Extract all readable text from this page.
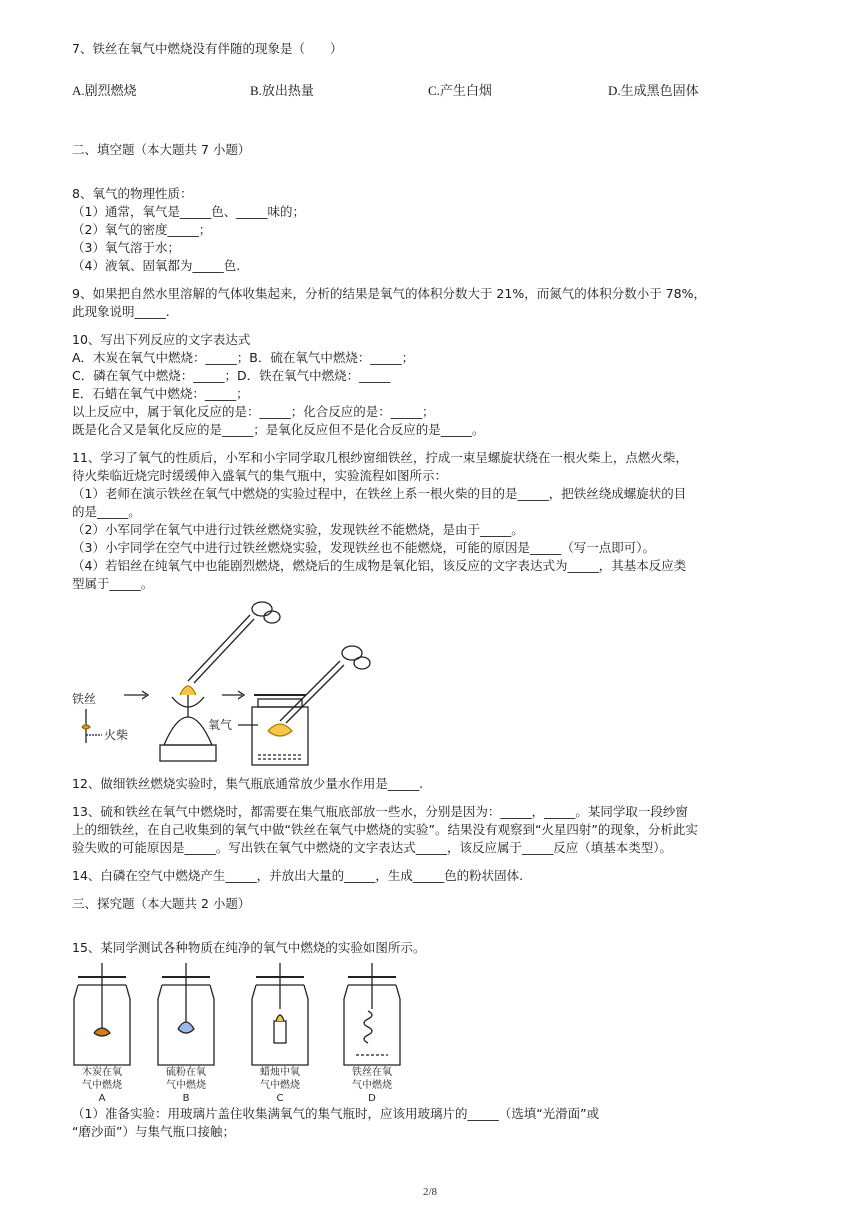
7、铁丝在氧气中燃烧没有伴随的现象是（　　）

A.剧烈燃烧	B.放出热量	C.产生白烟	D.生成黑色固体

二、填空题（本大题共 7 小题）

8、氧气的物理性质：

（1）通常，氧气是_____色、_____味的；

（2）氧气的密度_____；

（3）氧气溶于水；

（4）液氧、固氧都为_____色.

9、如果把自然水里溶解的气体收集起来，分析的结果是氧气的体积分数大于 21%，而氮气的体积分数小于 78%，

此现象说明_____.

10、写出下列反应的文字表达式

A．木炭在氧气中燃烧：_____；B．硫在氧气中燃烧：_____；

C．磷在氧气中燃烧：_____；D．铁在氧气中燃烧：_____

E．石蜡在氧气中燃烧：_____；

以上反应中，属于氧化反应的是：_____；化合反应的是：_____；

既是化合又是氧化反应的是_____；是氧化反应但不是化合反应的是_____。

11、学习了氧气的性质后，小军和小宇同学取几根纱窗细铁丝，拧成一束呈螺旋状绕在一根火柴上，点燃火柴，

待火柴临近烧完时缓缓伸入盛氧气的集气瓶中，实验流程如图所示：

（1）老师在演示铁丝在氧气中燃烧的实验过程中，在铁丝上系一根火柴的目的是_____，把铁丝绕成螺旋状的目

的是_____。

（2）小军同学在氧气中进行过铁丝燃烧实验，发现铁丝不能燃烧，是由于_____。

（3）小宇同学在空气中进行过铁丝燃烧实验，发现铁丝也不能燃烧，可能的原因是_____（写一点即可）。

（4）若铝丝在纯氧气中也能剧烈燃烧，燃烧后的生成物是氧化铝，该反应的文字表达式为_____，其基本反应类

型属于_____。

铁丝
火柴
氧气

12、做细铁丝燃烧实验时，集气瓶底通常放少量水作用是_____.

13、硫和铁丝在氧气中燃烧时，都需要在集气瓶底部放一些水，分别是因为：_____，_____。某同学取一段纱窗

上的细铁丝，在自己收集到的氧气中做“铁丝在氧气中燃烧的实验”。结果没有观察到“火星四射”的现象，分析此实

验失败的可能原因是_____。写出铁在氧气中燃烧的文字表达式_____，该反应属于_____反应（填基本类型）。

14、白磷在空气中燃烧产生_____，并放出大量的_____，生成_____色的粉状固体.

三、探究题（本大题共 2 小题）

15、某同学测试各种物质在纯净的氧气中燃烧的实验如图所示。

木炭在氧
气中燃烧
A
硫粉在氧
气中燃烧
B
蜡烛中氧
气中燃烧
C
铁丝在氧
气中燃烧
D

（1）准备实验：用玻璃片盖住收集满氧气的集气瓶时，应该用玻璃片的_____（选填“光滑面”或

“磨沙面”）与集气瓶口接触；

2/8
